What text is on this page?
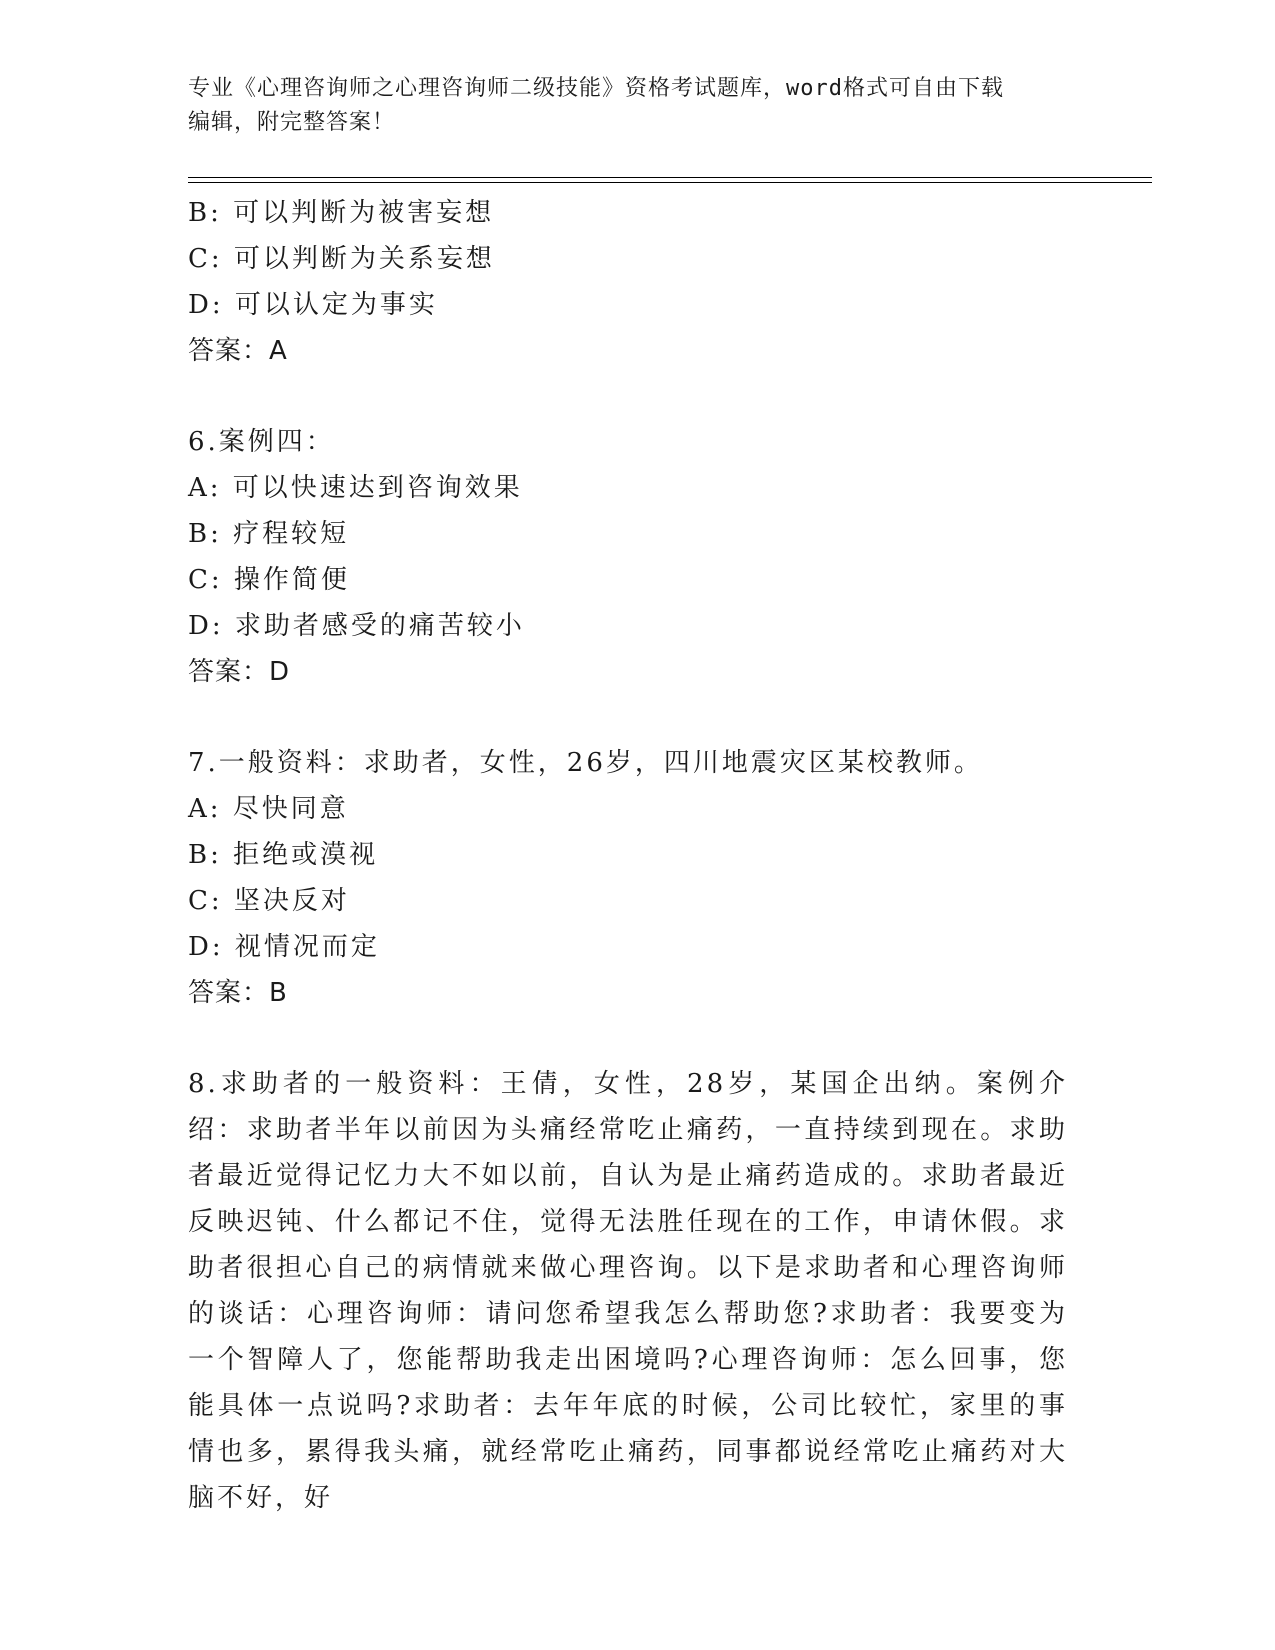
专业《心理咨询师之心理咨询师二级技能》资格考试题库，word格式可自由下载
编辑，附完整答案！
B: 可以判断为被害妄想
C: 可以判断为关系妄想
D: 可以认定为事实
答案：A
6.案例四：
A: 可以快速达到咨询效果
B: 疗程较短
C: 操作简便
D: 求助者感受的痛苦较小
答案：D
7.一般资料：求助者，女性，26岁，四川地震灾区某校教师。
A: 尽快同意
B: 拒绝或漠视
C: 坚决反对
D: 视情况而定
答案：B
8.求助者的一般资料：王倩，女性，28岁，某国企出纳。案例介绍：求助者半年以前因为头痛经常吃止痛药，一直持续到现在。求助者最近觉得记忆力大不如以前，自认为是止痛药造成的。求助者最近反映迟钝、什么都记不住，觉得无法胜任现在的工作，申请休假。求助者很担心自己的病情就来做心理咨询。以下是求助者和心理咨询师的谈话：心理咨询师：请问您希望我怎么帮助您?求助者：我要变为一个智障人了，您能帮助我走出困境吗?心理咨询师：怎么回事，您能具体一点说吗?求助者：去年年底的时候，公司比较忙，家里的事情也多，累得我头痛，就经常吃止痛药，同事都说经常吃止痛药对大脑不好，好
